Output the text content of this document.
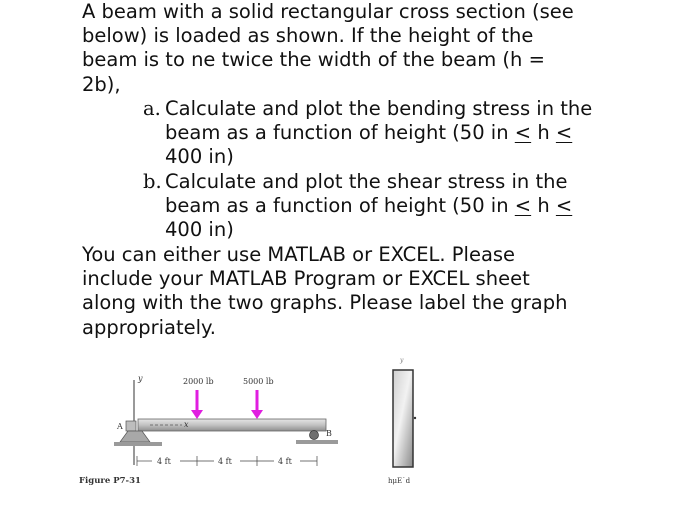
A beam with a solid rectangular cross section (see
below) is loaded as shown. If the height of the
beam is to ne twice the width of the beam (h =
2b),
a. Calculate and plot the bending stress in the
beam as a function of height (50 in < h <
400 in)
b. Calculate and plot the shear stress in the
beam as a function of height (50 in < h <
400 in)
You can either use MATLAB or EXCEL. Please
include your MATLAB Program or EXCEL sheet
along with the two graphs. Please label the graph
appropriately.
y
A	x
B
2000 lb	5000 lb
4 ft	4 ft	4 ft
Figure P7-31
y
hμE˙d
